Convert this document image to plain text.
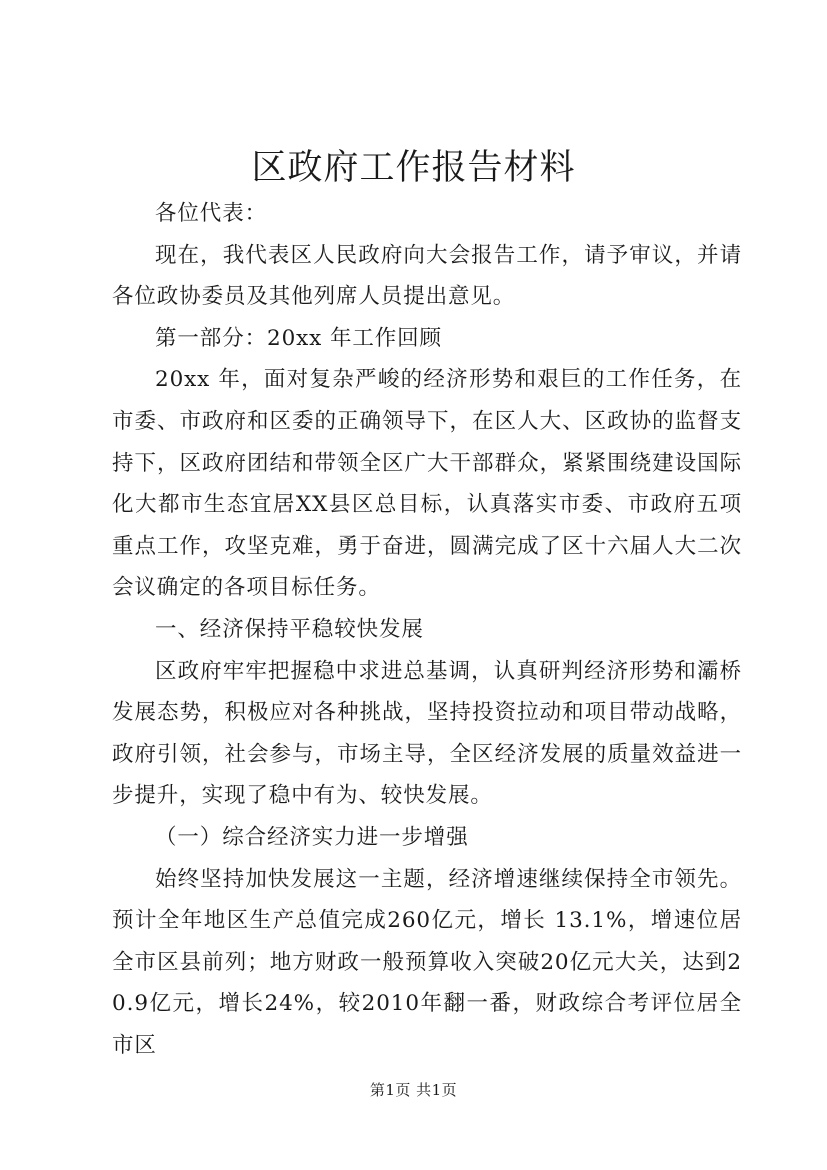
区政府工作报告材料

各位代表：

现在，我代表区人民政府向大会报告工作，请予审议，并请各位政协委员及其他列席人员提出意见。

第一部分：20xx 年工作回顾

20xx 年，面对复杂严峻的经济形势和艰巨的工作任务，在市委、市政府和区委的正确领导下，在区人大、区政协的监督支持下，区政府团结和带领全区广大干部群众，紧紧围绕建设国际化大都市生态宜居XX县区总目标，认真落实市委、市政府五项重点工作，攻坚克难，勇于奋进，圆满完成了区十六届人大二次会议确定的各项目标任务。

一、经济保持平稳较快发展

区政府牢牢把握稳中求进总基调，认真研判经济形势和灞桥发展态势，积极应对各种挑战，坚持投资拉动和项目带动战略，政府引领，社会参与，市场主导，全区经济发展的质量效益进一步提升，实现了稳中有为、较快发展。

（一）综合经济实力进一步增强

始终坚持加快发展这一主题，经济增速继续保持全市领先。预计全年地区生产总值完成260亿元，增长 13.1%，增速位居全市区县前列；地方财政一般预算收入突破20亿元大关，达到20.9亿元，增长24%，较2010年翻一番，财政综合考评位居全市区

第1页 共1页
